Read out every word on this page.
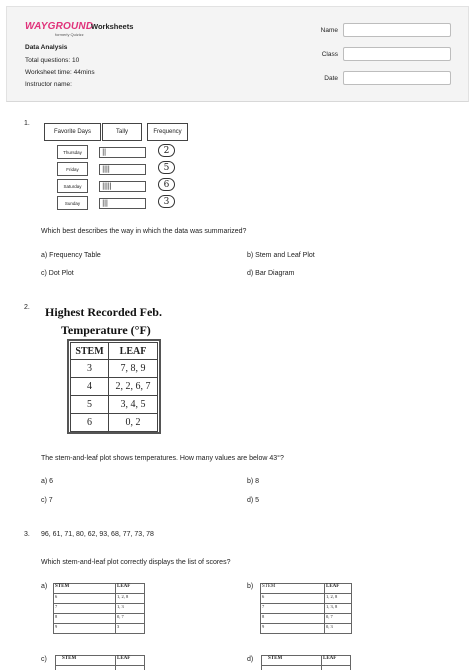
WAYGROUND
formerly Quizizz
Worksheets
Data Analysis
Total questions: 10
Worksheet time: 44mins
Instructor name:
Name
Class
Date
1.
Favorite Days	Tally	Frequency
Thursday	||	2
Friday	||||	5
Saturday	|||||	6
Sunday	|||	3
Which best describes the way in which the data was summarized?
a) Frequency Table	b) Stem and Leaf Plot
c) Dot Plot	d) Bar Diagram
2. Highest Recorded Feb.
Temperature (°F)
STEM	LEAF
3	7, 8, 9
4	2, 2, 6, 7
5	3, 4, 5
6	0, 2
The stem-and-leaf plot shows temperatures. How many values are below 43°?
a) 6	b) 8
c) 7	d) 5
3. 96, 61, 71, 80, 62, 93, 68, 77, 73, 78
Which stem-and-leaf plot correctly displays the list of scores?
a) STEM	LEAF
6	1, 2, 8
7	1, 3
8	0, 7
9	3
b) STEM	LEAF
6	1, 2, 8
7	1, 3, 8
8	0, 7
9	0, 3
c)	STEM	LEAF
		d)	STEM	LEAF
